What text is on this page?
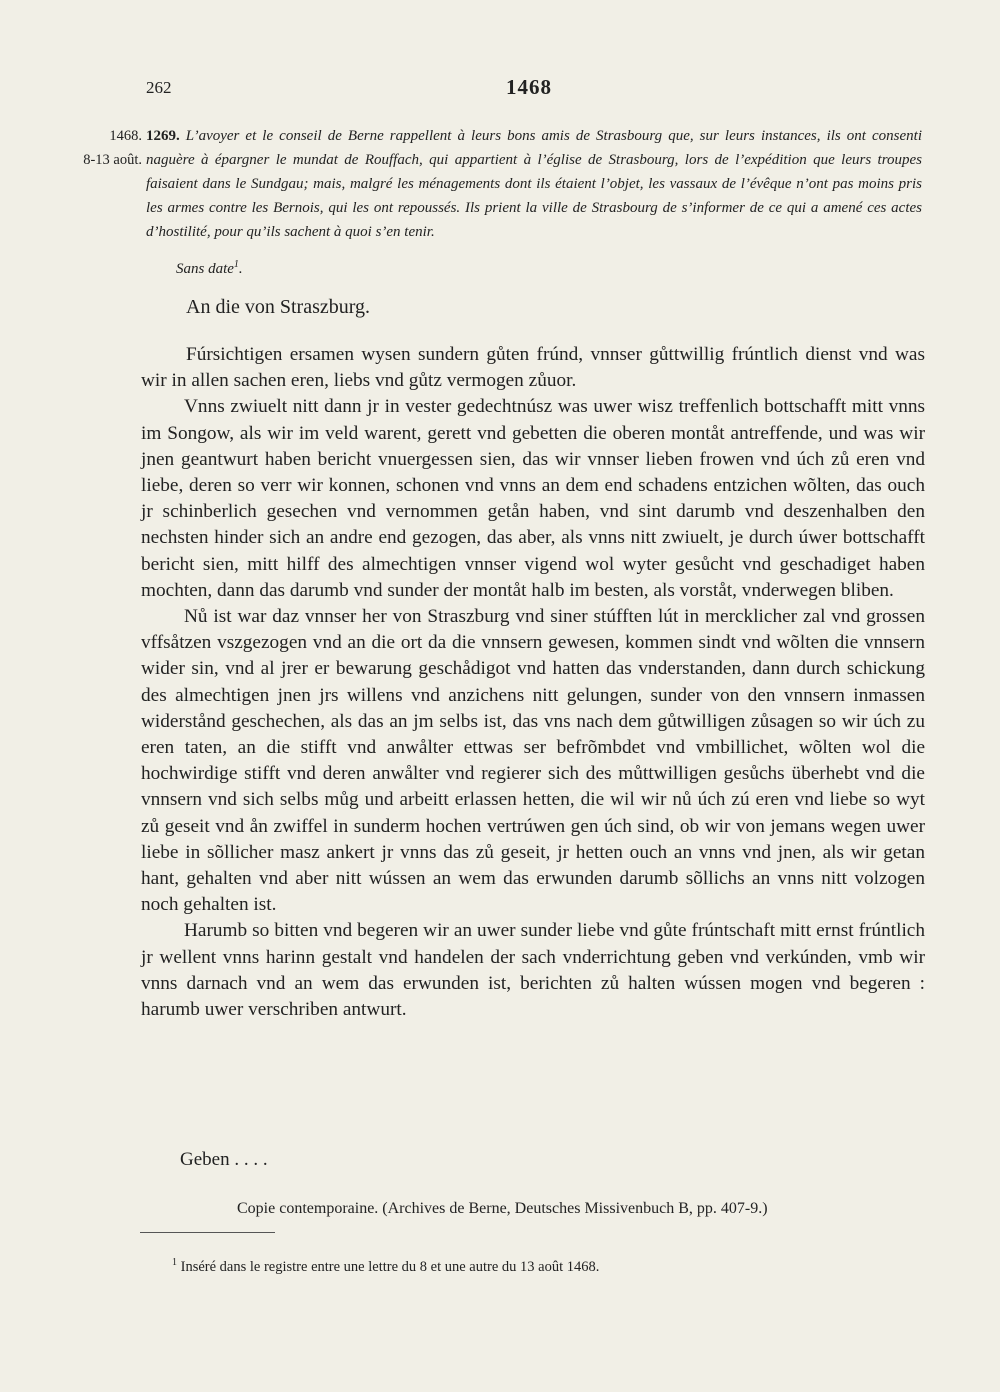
262	1468
1468.
8-13 août.
1269. L’avoyer et le conseil de Berne rappellent à leurs bons amis de Strasbourg que, sur leurs instances, ils ont consenti naguère à épargner le mundat de Rouffach, qui appartient à l’église de Strasbourg, lors de l’expédition que leurs troupes faisaient dans le Sundgau; mais, malgré les ménagements dont ils étaient l’objet, les vassaux de l’évêque n’ont pas moins pris les armes contre les Bernois, qui les ont repoussés. Ils prient la ville de Strasbourg de s’informer de ce qui a amené ces actes d’hostilité, pour qu’ils sachent à quoi s’en tenir.
Sans date$^1$.
An die von Straszburg.

Fúrsichtigen ersamen wysen sundern gůten frúnd, vnnser gůttwillig frúntlich dienst vnd was wir in allen sachen eren, liebs vnd gůtz vermogen zůuor.

Vnns zwiuelt nitt dann jr in vester gedechtnúsz was uwer wisz treffenlich bottschafft mitt vnns im Songow, als wir im veld warent, gerett vnd gebetten die oberen montåt antreffende, und was wir jnen geantwurt haben bericht vnuergessen sien, das wir vnnser lieben frowen vnd úch zů eren vnd liebe, deren so verr wir konnen, schonen vnd vnns an dem end schadens entzichen wõlten, das ouch jr schinberlich gesechen vnd vernommen getån haben, vnd sint darumb vnd deszenhalben den nechsten hinder sich an andre end gezogen, das aber, als vnns nitt zwiuelt, je durch úwer bottschafft bericht sien, mitt hilff des almechtigen vnnser vigend wol wyter gesůcht vnd geschadiget haben mochten, dann das darumb vnd sunder der montåt halb im besten, als vorståt, vnderwegen bliben.

Nů ist war daz vnnser her von Straszburg vnd siner stúfften lút in mercklicher zal vnd grossen vffsåtzen vszgezogen vnd an die ort da die vnnsern gewesen, kommen sindt vnd wõlten die vnnsern wider sin, vnd al jrer er bewarung geschådigot vnd hatten das vnderstanden, dann durch schickung des almechtigen jnen jrs willens vnd anzichens nitt gelungen, sunder von den vnnsern inmassen widerstånd geschechen, als das an jm selbs ist, das vns nach dem gůtwilligen zůsagen so wir úch zu eren taten, an die stifft vnd anwålter ettwas ser befrõmbdet vnd vmbillichet, wõlten wol die hochwirdige stifft vnd deren anwålter vnd regierer sich des můttwilligen gesůchs überhebt vnd die vnnsern vnd sich selbs můg und arbeitt erlassen hetten, die wil wir nů úch zú eren vnd liebe so wyt zů geseit vnd ån zwiffel in sunderm hochen vertrúwen gen úch sind, ob wir von jemans wegen uwer liebe in sõllicher masz ankert jr vnns das zů geseit, jr hetten ouch an vnns vnd jnen, als wir getan hant, gehalten vnd aber nitt wússen an wem das erwunden darumb sõllichs an vnns nitt volzogen noch gehalten ist.

Harumb so bitten vnd begeren wir an uwer sunder liebe vnd gůte frúntschaft mitt ernst frúntlich jr wellent vnns harinn gestalt vnd handelen der sach vnderrichtung geben vnd verkúnden, vmb wir vnns darnach vnd an wem das erwunden ist, berichten zů halten wússen mogen vnd begeren : harumb uwer verschriben antwurt.

Geben . . . .
Copie contemporaine. (Archives de Berne, Deutsches Missivenbuch B, pp. 407-9.)
$^1$ Inséré dans le registre entre une lettre du 8 et une autre du 13 août 1468.
